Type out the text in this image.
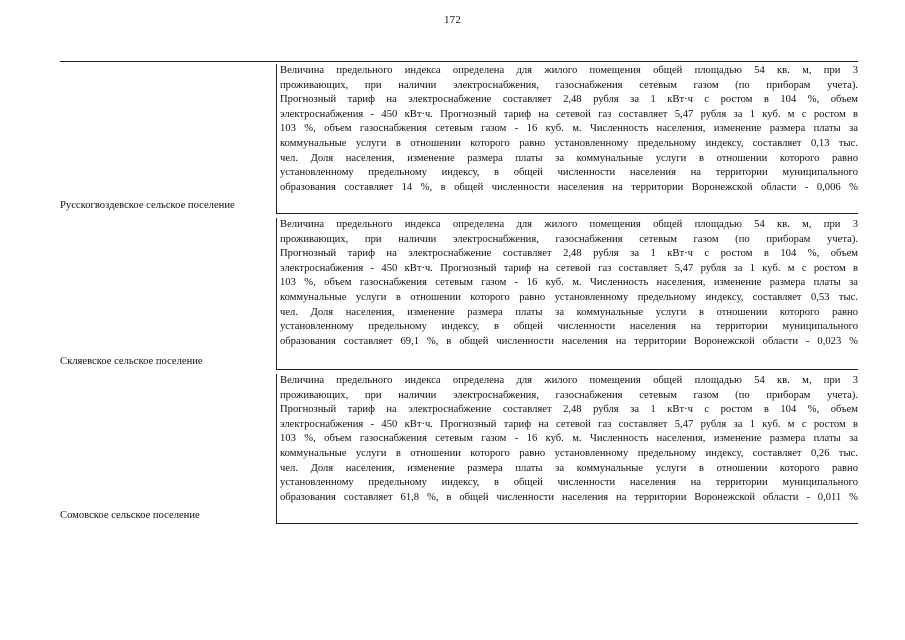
172
Русскогвоздевское сельское поселение
Величина предельного индекса определена для жилого помещения общей площадью 54 кв. м, при 3
проживающих, при наличии электроснабжения, газоснабжения сетевым газом (по приборам учета).
Прогнозный тариф на электроснабжение составляет 2,48 рубля за 1 кВт·ч с ростом в 104 %, объем
электроснабжения - 450 кВт·ч. Прогнозный тариф на сетевой газ составляет 5,47 рубля за 1 куб. м с ростом в
103 %, объем газоснабжения сетевым газом - 16 куб. м. Численность населения, изменение размера платы за
коммунальные услуги в отношении которого равно установленному предельному индексу, составляет 0,13 тыс.
чел. Доля населения, изменение размера платы за коммунальные услуги в отношении которого равно
установленному предельному индексу, в общей численности населения на территории муниципального
образования составляет 14 %, в общей численности населения на территории Воронежской области - 0,006 %
Скляевское сельское поселение
Величина предельного индекса определена для жилого помещения общей площадью 54 кв. м, при 3
проживающих, при наличии электроснабжения, газоснабжения сетевым газом (по приборам учета).
Прогнозный тариф на электроснабжение составляет 2,48 рубля за 1 кВт·ч с ростом в 104 %, объем
электроснабжения - 450 кВт·ч. Прогнозный тариф на сетевой газ составляет 5,47 рубля за 1 куб. м с ростом в
103 %, объем газоснабжения сетевым газом - 16 куб. м. Численность населения, изменение размера платы за
коммунальные услуги в отношении которого равно установленному предельному индексу, составляет 0,53 тыс.
чел. Доля населения, изменение размера платы за коммунальные услуги в отношении которого равно
установленному предельному индексу, в общей численности населения на территории муниципального
образования составляет 69,1 %, в общей численности населения на территории Воронежской области - 0,023 %
Сомовское сельское поселение
Величина предельного индекса определена для жилого помещения общей площадью 54 кв. м, при 3
проживающих, при наличии электроснабжения, газоснабжения сетевым газом (по приборам учета).
Прогнозный тариф на электроснабжение составляет 2,48 рубля за 1 кВт·ч с ростом в 104 %, объем
электроснабжения - 450 кВт·ч. Прогнозный тариф на сетевой газ составляет 5,47 рубля за 1 куб. м с ростом в
103 %, объем газоснабжения сетевым газом - 16 куб. м. Численность населения, изменение размера платы за
коммунальные услуги в отношении которого равно установленному предельному индексу, составляет 0,26 тыс.
чел. Доля населения, изменение размера платы за коммунальные услуги в отношении которого равно
установленному предельному индексу, в общей численности населения на территории муниципального
образования составляет 61,8 %, в общей численности населения на территории Воронежской области - 0,011 %
